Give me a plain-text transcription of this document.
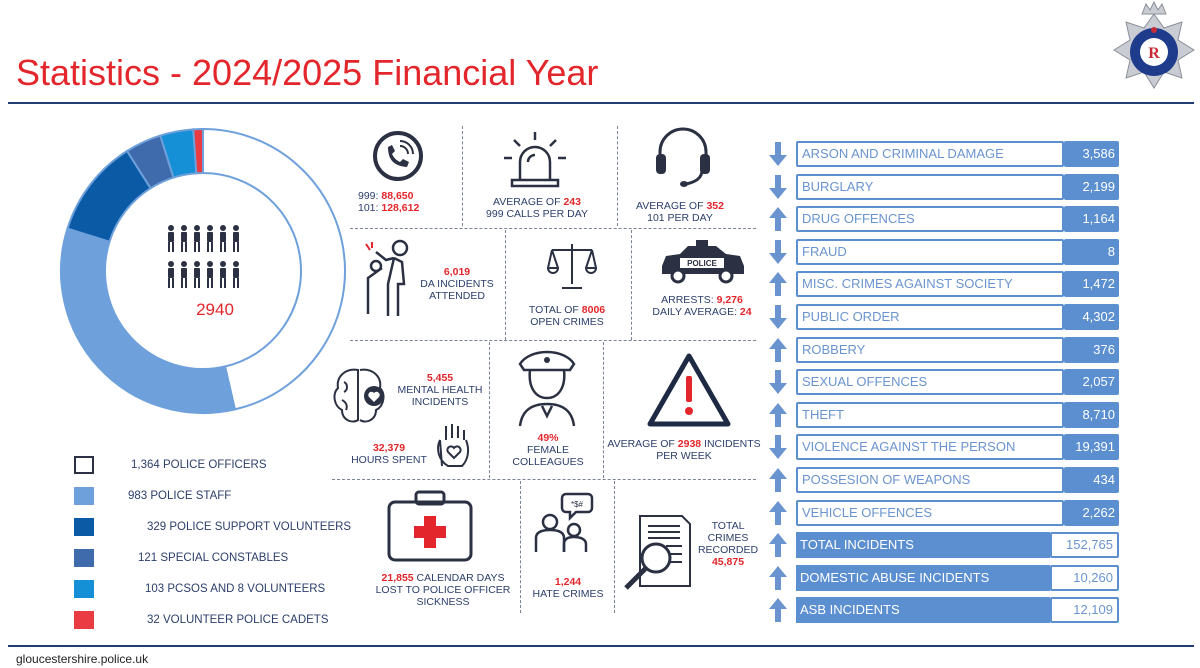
Statistics - 2024/2025 Financial Year	R
2940
1,364 POLICE OFFICERS
983 POLICE STAFF
329 POLICE SUPPORT VOLUNTEERS
121 SPECIAL CONSTABLES
103 PCSOS AND 8 VOLUNTEERS
32 VOLUNTEER POLICE CADETS
999: 88,650
101: 128,612	AVERAGE OF 243
999 CALLS PER DAY
AVERAGE OF 352
101 PER DAY
6,019
DA INCIDENTS
ATTENDED
TOTAL OF 8006
OPEN CRIMES
POLICE
ARRESTS: 9,276
DAILY AVERAGE: 24
5,455
MENTAL HEALTH
INCIDENTS
32,379
HOURS SPENT
49%
FEMALE
COLLEAGUES
AVERAGE OF 2938 INCIDENTS
PER WEEK
21,855 CALENDAR DAYS
LOST TO POLICE OFFICER
SICKNESS
*$#
1,244
HATE CRIMES
TOTAL
CRIMES
RECORDED
45,875
ARSON AND CRIMINAL DAMAGE	3,586
BURGLARY	2,199
DRUG OFFENCES	1,164
FRAUD	8
MISC. CRIMES AGAINST SOCIETY	1,472
PUBLIC ORDER	4,302
ROBBERY	376
SEXUAL OFFENCES	2,057
THEFT	8,710
VIOLENCE AGAINST THE PERSON	19,391
POSSESION OF WEAPONS	434
VEHICLE OFFENCES	2,262
TOTAL INCIDENTS	152,765
DOMESTIC ABUSE INCIDENTS	10,260
ASB INCIDENTS	12,109
gloucestershire.police.uk
